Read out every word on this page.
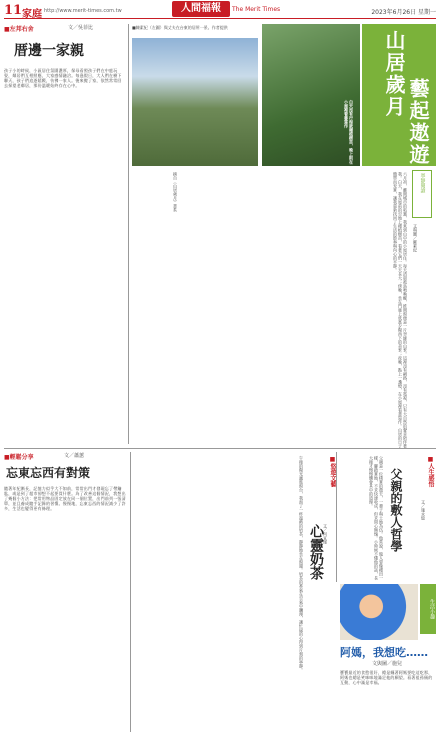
11 家庭 http://www.merit-times.com.tw	人間福報	The Merit Times	2023年6月26日 星期一
■左邦右舍	文／吳菲比
厝邊一家親
孩子小的時候，小區居住氛圍濃厚，保母看照孩子們在中庭玩耍，鄰居們互相照應，大家感情融洽。每逢假日，大人們在樹下聊天，孩子們追逐嬉戲，彷彿一家人。後來搬了家，依然常常回去探望老鄰居，那份溫暖始終存在心中。
■陳素紀（左圖）與丈夫在台東的居所一景。作者提供
山居歲月
藝起遨遊
白天沒有行程就種植樹苗，晚上則在小屋裡看書寫作
寧靜閱讀
摘自《山居歲月》書系	六月初，離開城市的喧囂，我來到山中的小屋居住。每天清晨被鳥鳴喚醒，推開窗便是一片翠綠的山景。這裡沒有網路，沒有電視，只有大自然的聲音陪伴著我。白天，我在屋前的空地上種植樹苗，看著它們一天天長大；傍晚，坐在門廊上欣賞夕陽西下的美景；夜晚，點上一盞燈，在小屋裡看書寫作。山居的日子簡單而充實，讓我重新找回了生活的節奏與內心的平靜。	文與圖／蘇素紀
■輕鬆分享	文／蕭蕙
忘東忘西有對策
隨著年紀漸長，記憶力似乎大不如前，常常出門才發現忘了帶鑰匙，或是到了超市卻想不起要買什麼。為了改善這個情況，我想出了幾個小方法：把常用物品固定放在同一個位置，出門前列一張清單，並且養成隨手記錄的習慣。慢慢地，忘東忘西的情況減少了許多，生活也變得更有條理。	午後的陽光灑進窗台，我泡了一杯溫熱的奶茶，靜靜地坐在窗邊。奶茶的香氣在空氣中瀰漫，讓忙碌的心得到片刻的寧靜。 心靈奶茶 文／何宜瑾
■悠遊文藝	父親是一位樸實的農夫，一輩子與土地為伍。他常說，做人要像種田一樣，腳踏實地，不求快速收成，但求問心無愧。小時候不懂他的話，長大後才慢慢體會其中的道理。	父親的敷人哲學	文／施永億
■人生感悟
生活小趣
阿媽，我想吃……
文與圖／施兒
寶寶最近的食慾很好，總是纏著阿媽要吃這吃那，阿媽也總是笑咪咪地滿足他的願望。看著祖孫倆的互動，心中滿是幸福。
